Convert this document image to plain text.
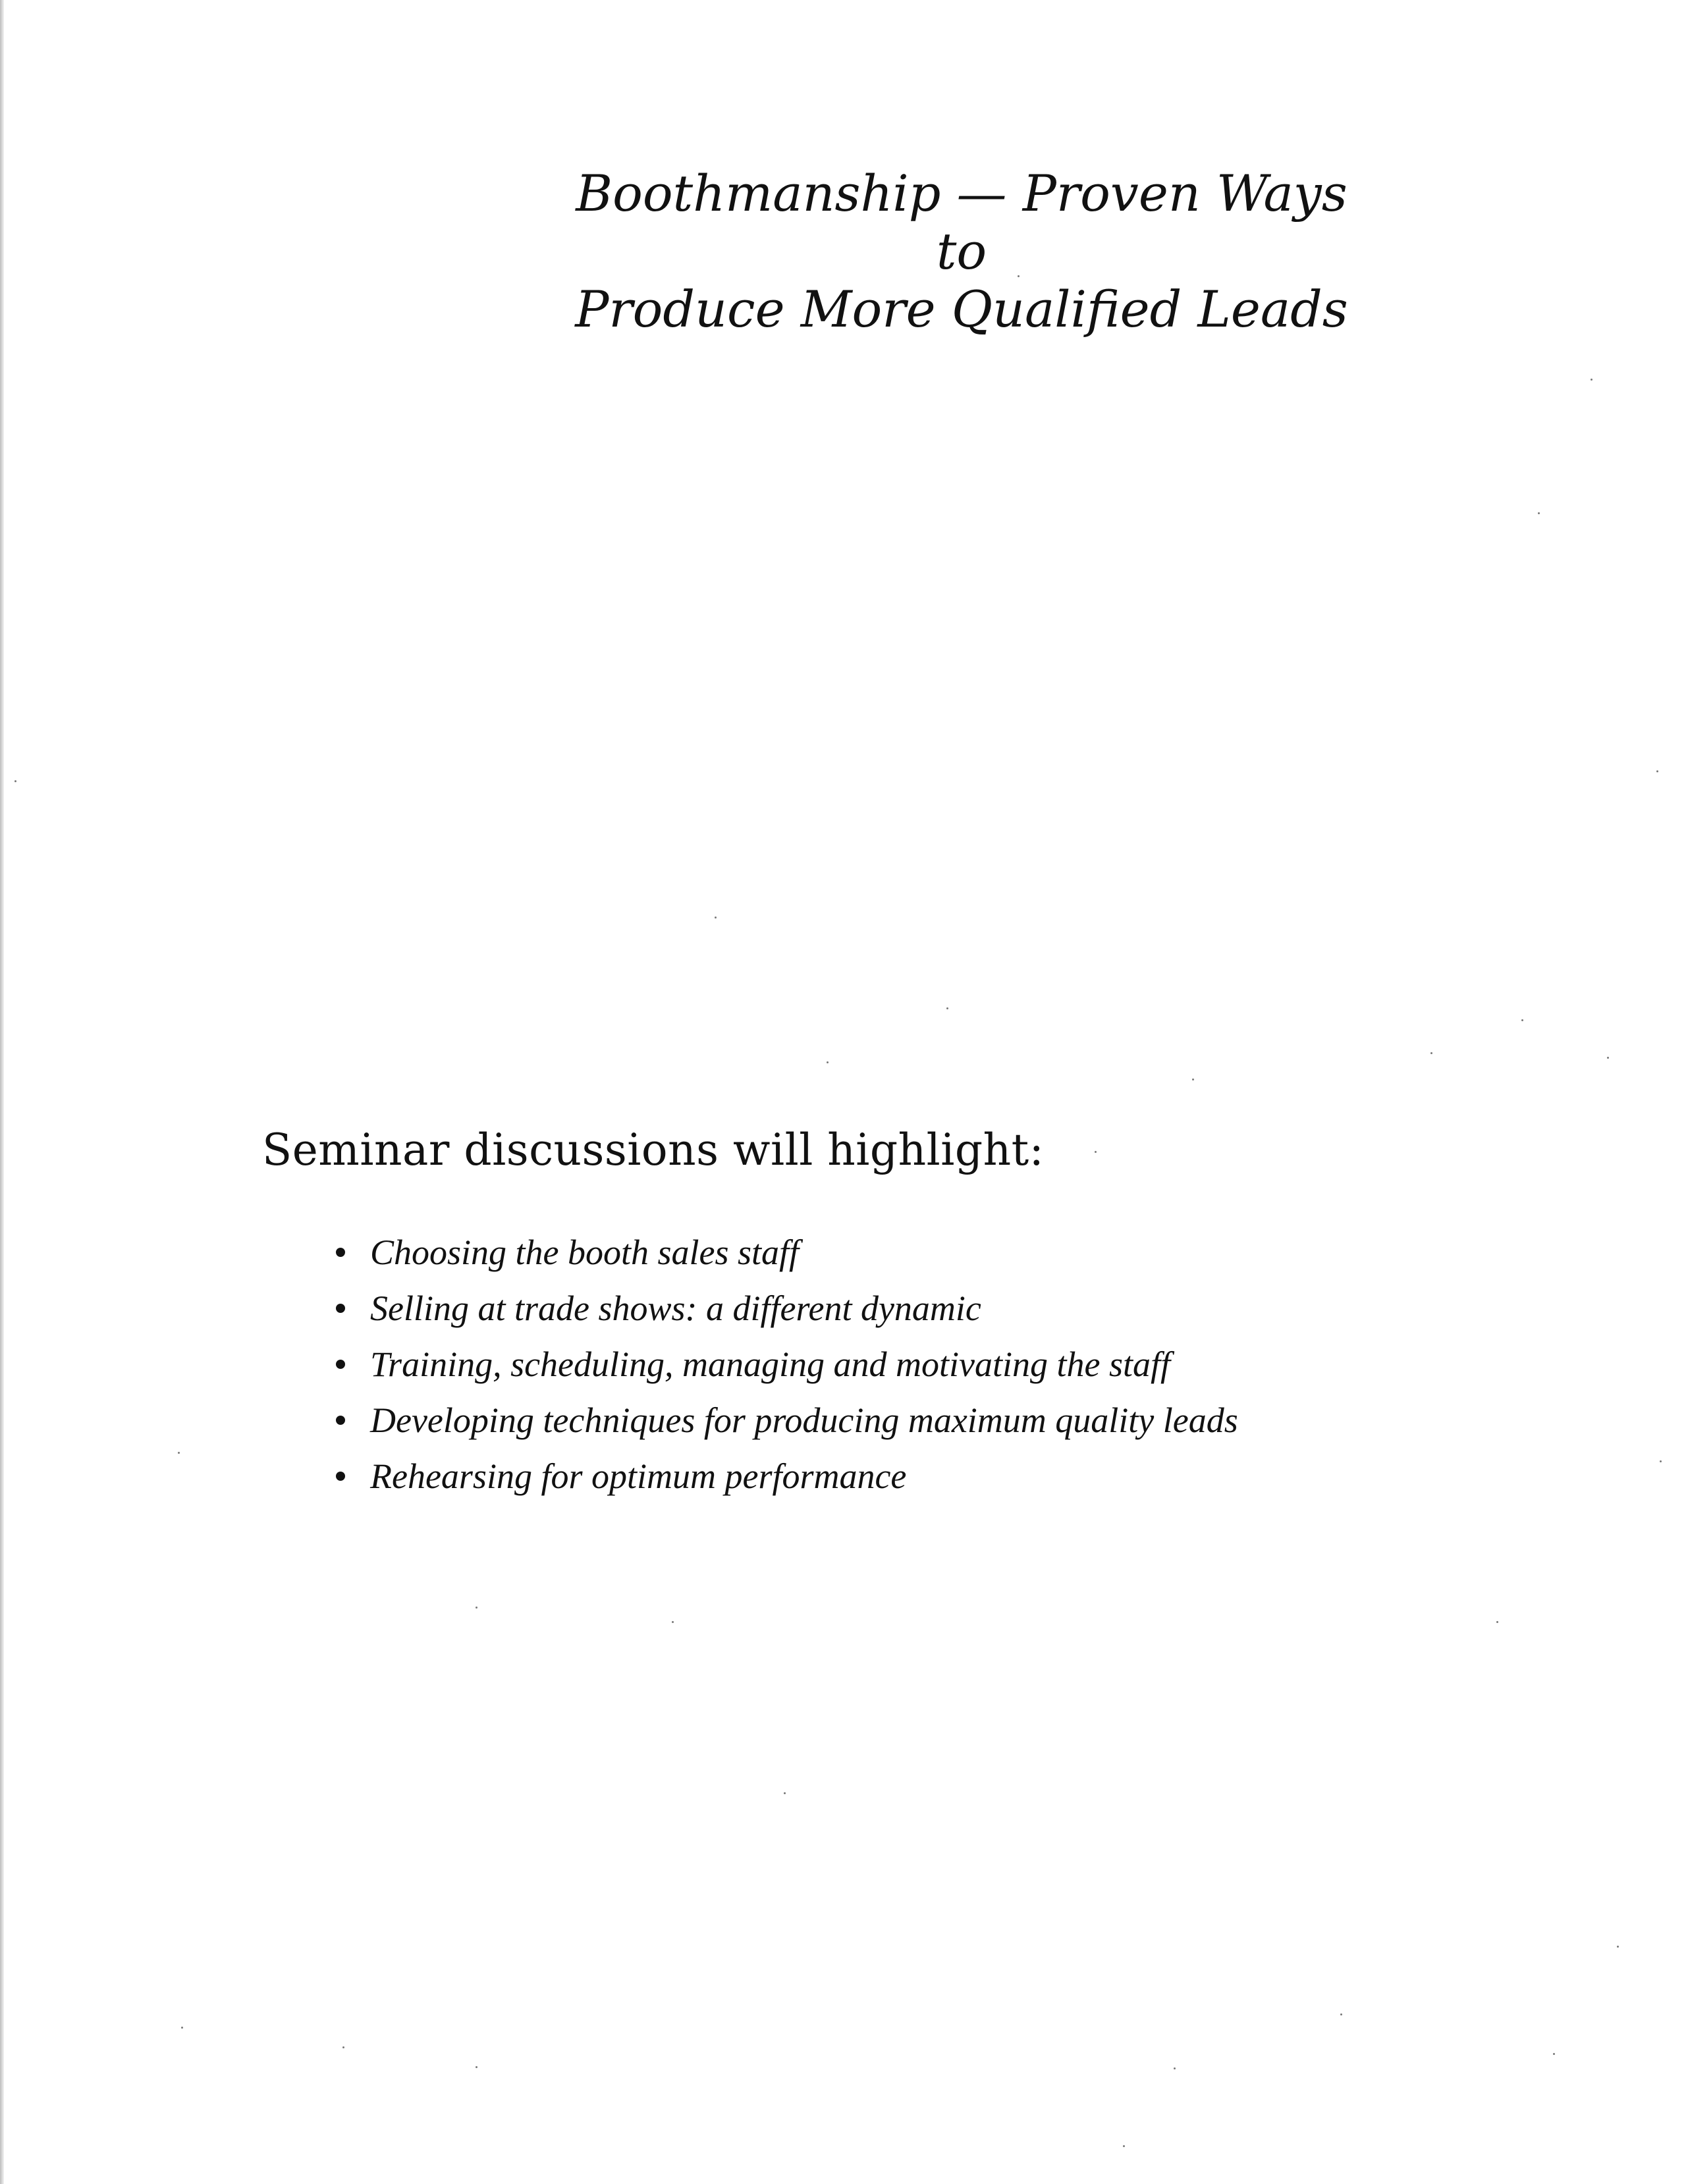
Boothmanship — Proven Ways
to
Produce More Qualified Leads
Seminar discussions will highlight:
Choosing the booth sales staff
Selling at trade shows: a different dynamic
Training, scheduling, managing and motivating the staff
Developing techniques for producing maximum quality leads
Rehearsing for optimum performance
